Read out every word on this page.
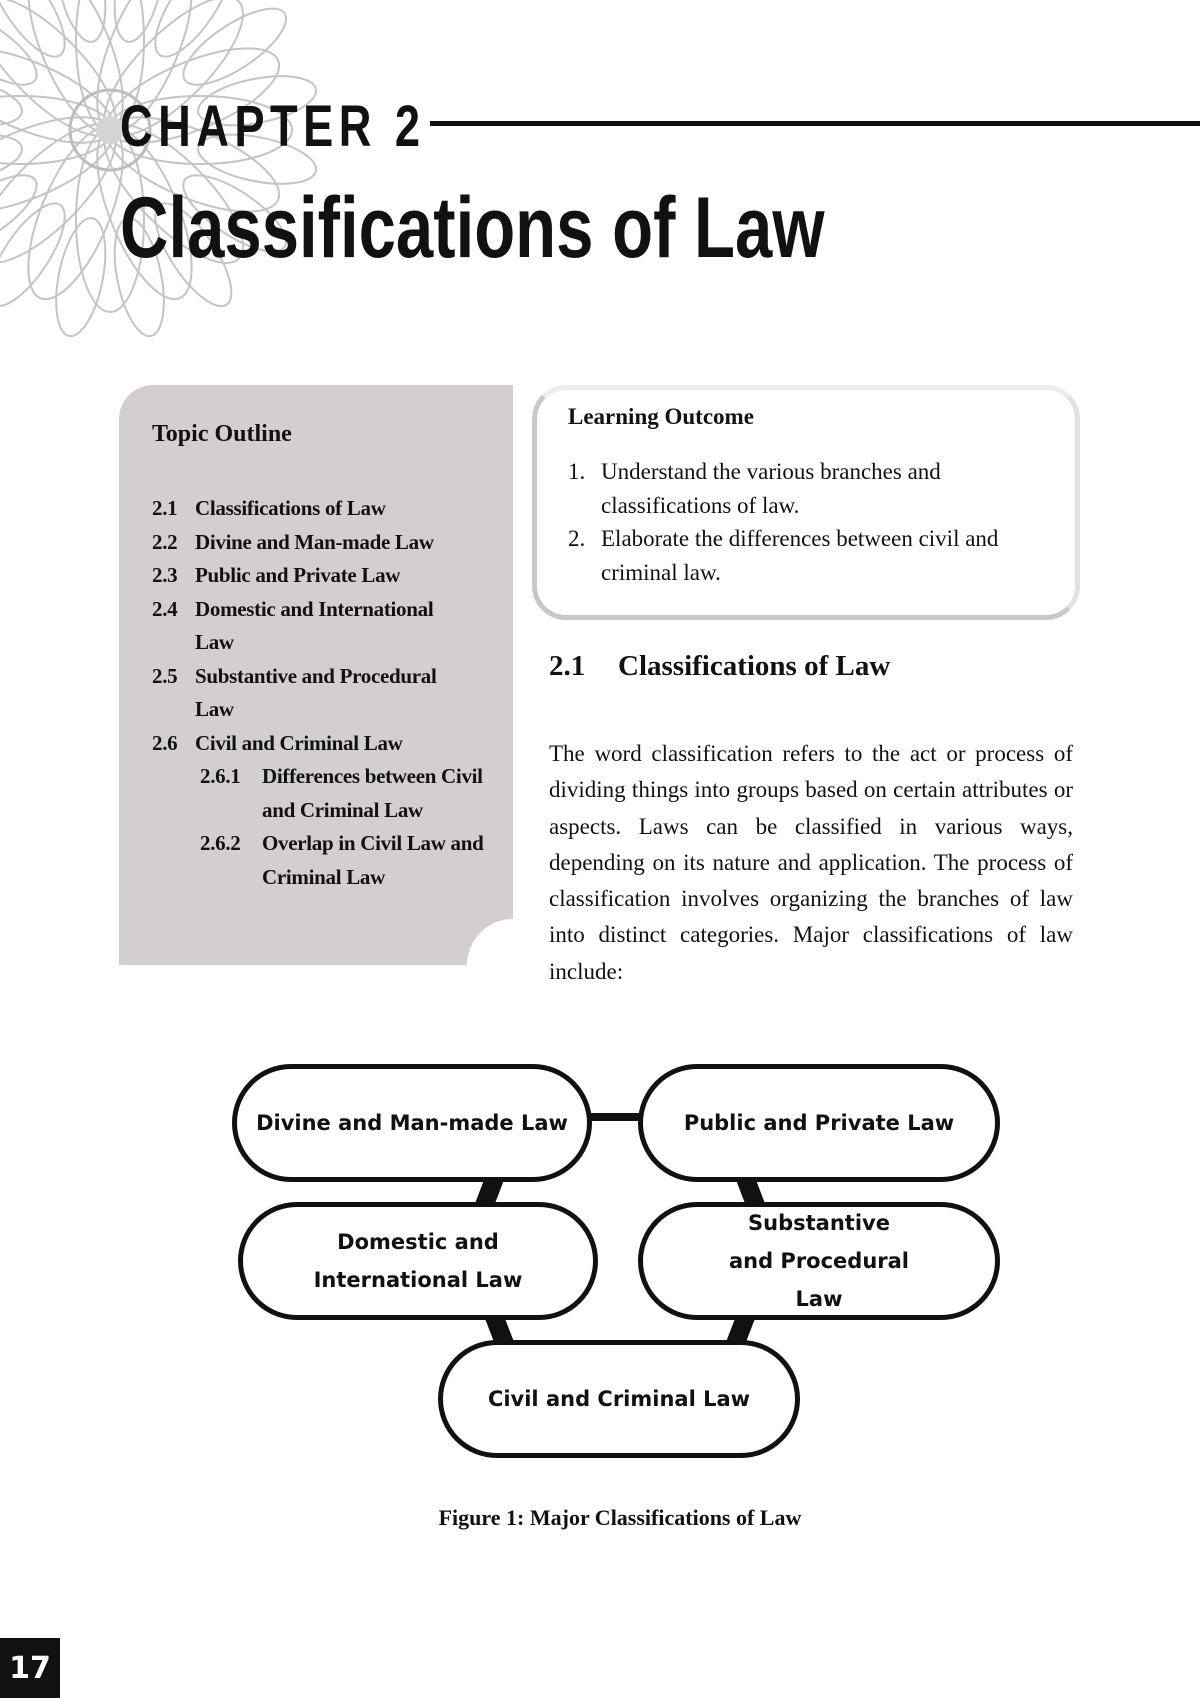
CHAPTER 2
Classifications of Law
Topic Outline
2.1 Classifications of Law
2.2 Divine and Man-made Law
2.3 Public and Private Law
2.4 Domestic and International Law
2.5 Substantive and Procedural Law
2.6 Civil and Criminal Law
2.6.1	Differences between Civil and Criminal Law
2.6.2	Overlap in Civil Law and Criminal Law
Learning Outcome
1. Understand the various branches and classifications of law.
2. Elaborate the differences between civil and criminal law.
2.1 Classifications of Law

The word classification refers to the act or process of dividing things into groups based on certain attributes or aspects. Laws can be classified in various ways, depending on its nature and application. The process of classification involves organizing the branches of law into distinct categories. Major classifications of law include:

Divine and Man-made Law	Public and Private Law
Domestic and International Law
Substantive and Procedural Law
Civil and Criminal Law

Figure 1: Major Classifications of Law

17
